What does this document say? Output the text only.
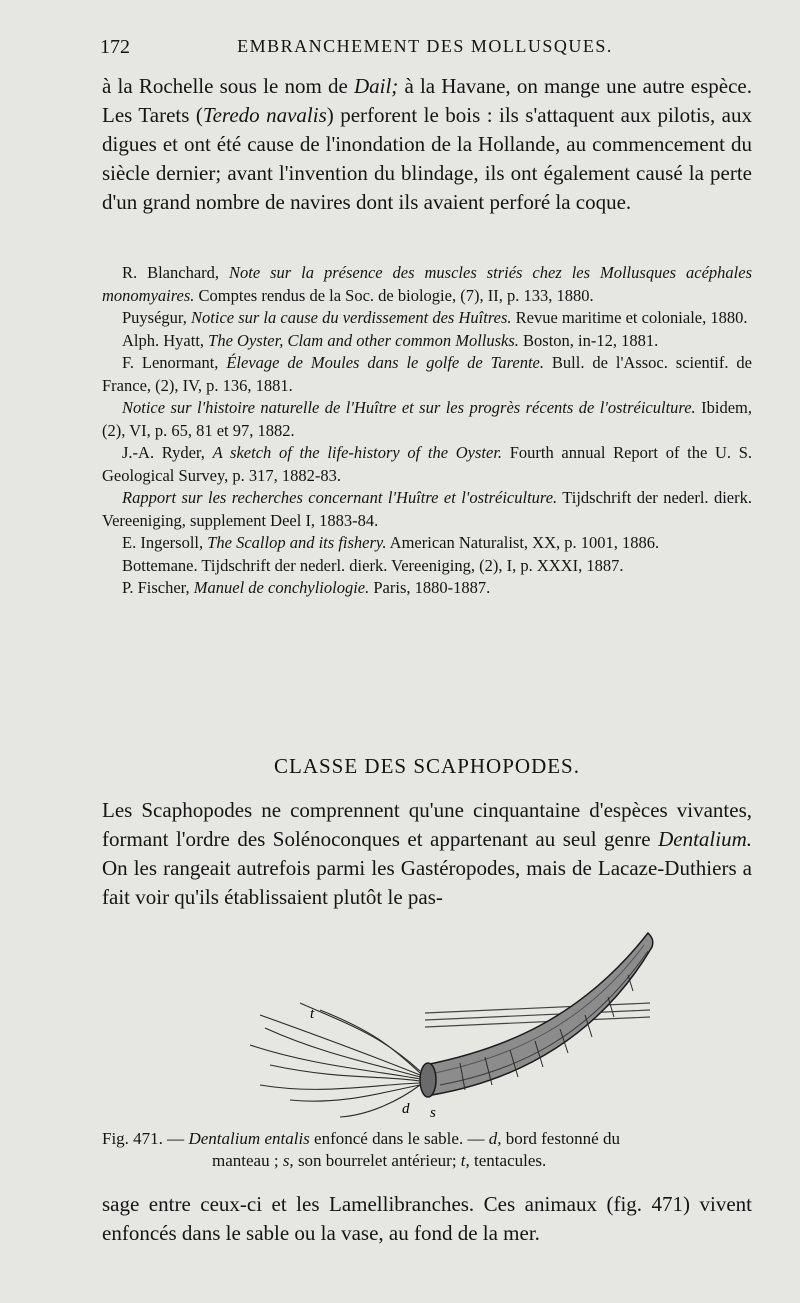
172	EMBRANCHEMENT DES MOLLUSQUES.

à la Rochelle sous le nom de Dail; à la Havane, on mange une autre espèce. Les Tarets (Teredo navalis) perforent le bois : ils s'attaquent aux pilotis, aux digues et ont été cause de l'inondation de la Hollande, au commencement du siècle dernier; avant l'invention du blindage, ils ont également causé la perte d'un grand nombre de navires dont ils avaient perforé la coque.

R. Blanchard, Note sur la présence des muscles striés chez les Mollusques acéphales monomyaires. Comptes rendus de la Soc. de biologie, (7), II, p. 133, 1880.

Puységur, Notice sur la cause du verdissement des Huîtres. Revue maritime et coloniale, 1880.

Alph. Hyatt, The Oyster, Clam and other common Mollusks. Boston, in-12, 1881.

F. Lenormant, Élevage de Moules dans le golfe de Tarente. Bull. de l'Assoc. scientif. de France, (2), IV, p. 136, 1881.

Notice sur l'histoire naturelle de l'Huître et sur les progrès récents de l'ostréiculture. Ibidem, (2), VI, p. 65, 81 et 97, 1882.

J.-A. Ryder, A sketch of the life-history of the Oyster. Fourth annual Report of the U. S. Geological Survey, p. 317, 1882-83.

Rapport sur les recherches concernant l'Huître et l'ostréiculture. Tijdschrift der nederl. dierk. Vereeniging, supplement Deel I, 1883-84.

E. Ingersoll, The Scallop and its fishery. American Naturalist, XX, p. 1001, 1886.

Bottemane. Tijdschrift der nederl. dierk. Vereeniging, (2), I, p. XXXI, 1887.

P. Fischer, Manuel de conchyliologie. Paris, 1880-1887.

CLASSE DES SCAPHOPODES.

Les Scaphopodes ne comprennent qu'une cinquantaine d'espèces vivantes, formant l'ordre des Solénoconques et appartenant au seul genre Dentalium. On les rangeait autrefois parmi les Gastéropodes, mais de Lacaze-Duthiers a fait voir qu'ils établissaient plutôt le pas-

t
d s
Fig. 471. — Dentalium entalis enfoncé dans le sable. — d, bord festonné du
manteau ; s, son bourrelet antérieur; t, tentacules.

sage entre ceux-ci et les Lamellibranches. Ces animaux (fig. 471) vivent enfoncés dans le sable ou la vase, au fond de la mer.
